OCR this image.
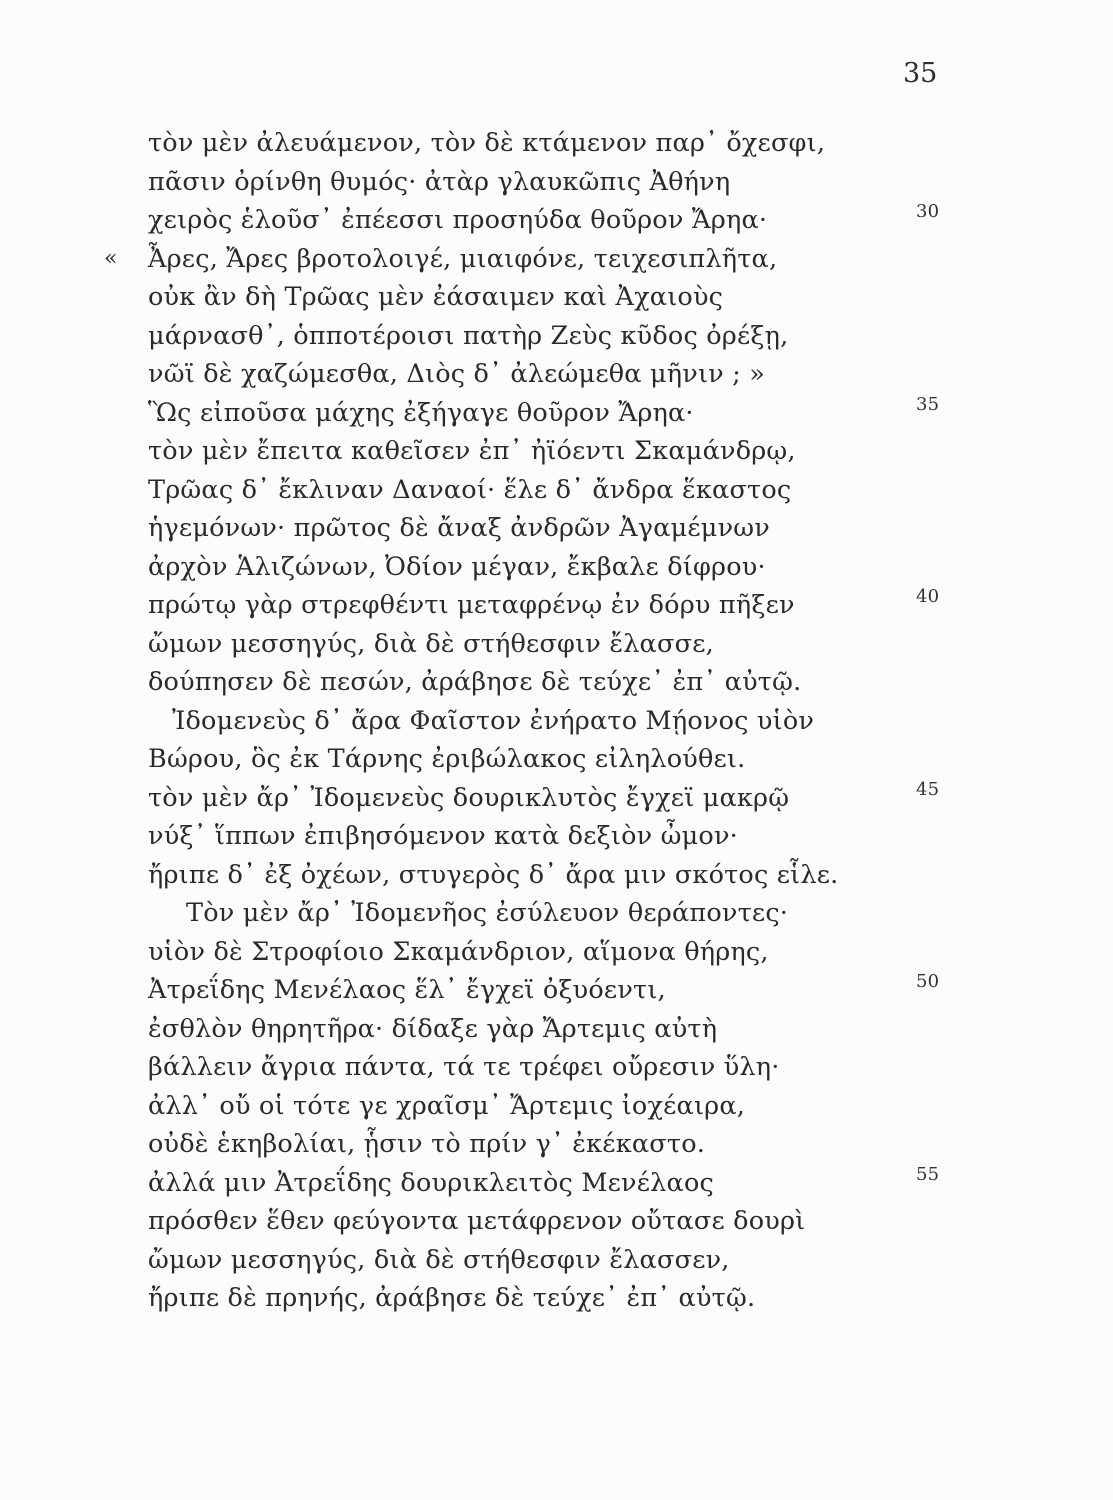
35
τὸν μὲν ἀλευάμενον, τὸν δὲ κτάμενον παρ᾽ ὄχεσφι,
πᾶσιν ὀρίνθη θυμός· ἀτὰρ γλαυκῶπις Ἀθήνη
χειρὸς ἑλοῦσ᾽ ἐπέεσσι προσηύδα θοῦρον Ἄρηα·	30
« Ἆρες, Ἄρες βροτολοιγέ, μιαιφόνε, τειχεσιπλῆτα,
οὐκ ἂν δὴ Τρῶας μὲν ἐάσαιμεν καὶ Ἀχαιοὺς
μάρνασθ᾽, ὁπποτέροισι πατὴρ Ζεὺς κῦδος ὀρέξῃ,
νῶϊ δὲ χαζώμεσθα, Διὸς δ᾽ ἀλεώμεθα μῆνιν ; »
Ὣς εἰποῦσα μάχης ἐξήγαγε θοῦρον Ἄρηα·	35
τὸν μὲν ἔπειτα καθεῖσεν ἐπ᾽ ἠϊόεντι Σκαμάνδρῳ,
Τρῶας δ᾽ ἔκλιναν Δαναοί· ἕλε δ᾽ ἄνδρα ἕκαστος
ἡγεμόνων· πρῶτος δὲ ἄναξ ἀνδρῶν Ἀγαμέμνων
ἀρχὸν Ἁλιζώνων, Ὀδίον μέγαν, ἔκβαλε δίφρου·
πρώτῳ γὰρ στρεφθέντι μεταφρένῳ ἐν δόρυ πῆξεν	40
ὤμων μεσσηγύς, διὰ δὲ στήθεσφιν ἔλασσε,
δούπησεν δὲ πεσών, ἀράβησε δὲ τεύχε᾽ ἐπ᾽ αὐτῷ.
Ἰδομενεὺς δ᾽ ἄρα Φαῖστον ἐνήρατο Μῄονος υἱὸν
Βώρου, ὃς ἐκ Τάρνης ἐριβώλακος εἰληλούθει.
τὸν μὲν ἄρ᾽ Ἰδομενεὺς δουρικλυτὸς ἔγχεϊ μακρῷ	45
νύξ᾽ ἵππων ἐπιβησόμενον κατὰ δεξιὸν ὦμον·
ἤριπε δ᾽ ἐξ ὀχέων, στυγερὸς δ᾽ ἄρα μιν σκότος εἷλε.
Τὸν μὲν ἄρ᾽ Ἰδομενῆος ἐσύλευον θεράποντες·
υἱὸν δὲ Στροφίοιο Σκαμάνδριον, αἵμονα θήρης,
Ἀτρεΐδης Μενέλαος ἕλ᾽ ἔγχεϊ ὀξυόεντι,	50
ἐσθλὸν θηρητῆρα· δίδαξε γὰρ Ἄρτεμις αὐτὴ
βάλλειν ἄγρια πάντα, τά τε τρέφει οὔρεσιν ὕλη·
ἀλλ᾽ οὔ οἱ τότε γε χραῖσμ᾽ Ἄρτεμις ἰοχέαιρα,
οὐδὲ ἑκηβολίαι, ᾗσιν τὸ πρίν γ᾽ ἐκέκαστο.
ἀλλά μιν Ἀτρεΐδης δουρικλειτὸς Μενέλαος	55
πρόσθεν ἕθεν φεύγοντα μετάφρενον οὔτασε δουρὶ
ὤμων μεσσηγύς, διὰ δὲ στήθεσφιν ἔλασσεν,
ἤριπε δὲ πρηνής, ἀράβησε δὲ τεύχε᾽ ἐπ᾽ αὐτῷ.
